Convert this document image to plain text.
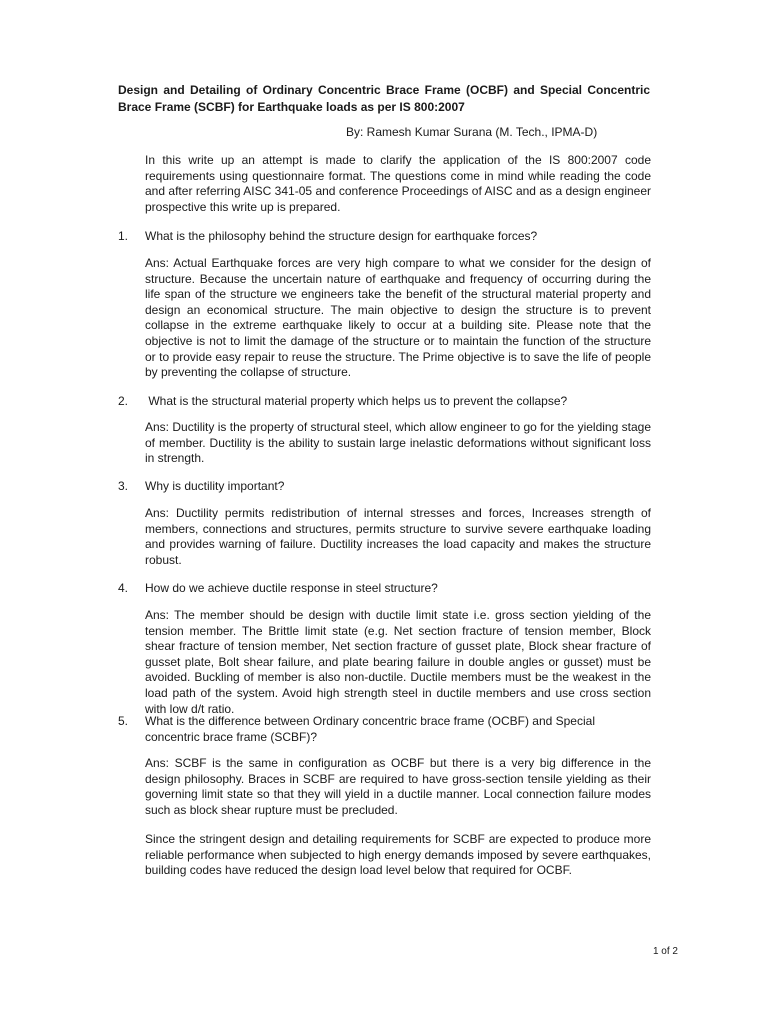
Design and Detailing of Ordinary Concentric Brace Frame (OCBF) and Special Concentric Brace Frame (SCBF) for Earthquake loads as per IS 800:2007

By: Ramesh Kumar Surana (M. Tech., IPMA-D)

In this write up an attempt is made to clarify the application of the IS 800:2007 code requirements using questionnaire format. The questions come in mind while reading the code and after referring AISC 341-05 and conference Proceedings of AISC and as a design engineer prospective this write up is prepared.

1.	What is the philosophy behind the structure design for earthquake forces?

Ans: Actual Earthquake forces are very high compare to what we consider for the design of structure. Because the uncertain nature of earthquake and frequency of occurring during the life span of the structure we engineers take the benefit of the structural material property and design an economical structure. The main objective to design the structure is to prevent collapse in the extreme earthquake likely to occur at a building site. Please note that the objective is not to limit the damage of the structure or to maintain the function of the structure or to provide easy repair to reuse the structure. The Prime objective is to save the life of people by preventing the collapse of structure.

2.	What is the structural material property which helps us to prevent the collapse?

Ans: Ductility is the property of structural steel, which allow engineer to go for the yielding stage of member. Ductility is the ability to sustain large inelastic deformations without significant loss in strength.

3.	Why is ductility important?

Ans: Ductility permits redistribution of internal stresses and forces, Increases strength of members, connections and structures, permits structure to survive severe earthquake loading and provides warning of failure. Ductility increases the load capacity and makes the structure robust.

4.	How do we achieve ductile response in steel structure?

Ans: The member should be design with ductile limit state i.e. gross section yielding of the tension member. The Brittle limit state (e.g. Net section fracture of tension member, Block shear fracture of tension member, Net section fracture of gusset plate, Block shear fracture of gusset plate, Bolt shear failure, and plate bearing failure in double angles or gusset) must be avoided. Buckling of member is also non-ductile. Ductile members must be the weakest in the load path of the system. Avoid high strength steel in ductile members and use cross section with low d/t ratio.

5.	What is the difference between Ordinary concentric brace frame (OCBF) and Special concentric brace frame (SCBF)?

Ans: SCBF is the same in configuration as OCBF but there is a very big difference in the design philosophy. Braces in SCBF are required to have gross-section tensile yielding as their governing limit state so that they will yield in a ductile manner. Local connection failure modes such as block shear rupture must be precluded.

Since the stringent design and detailing requirements for SCBF are expected to produce more reliable performance when subjected to high energy demands imposed by severe earthquakes, building codes have reduced the design load level below that required for OCBF.

1 of 2
